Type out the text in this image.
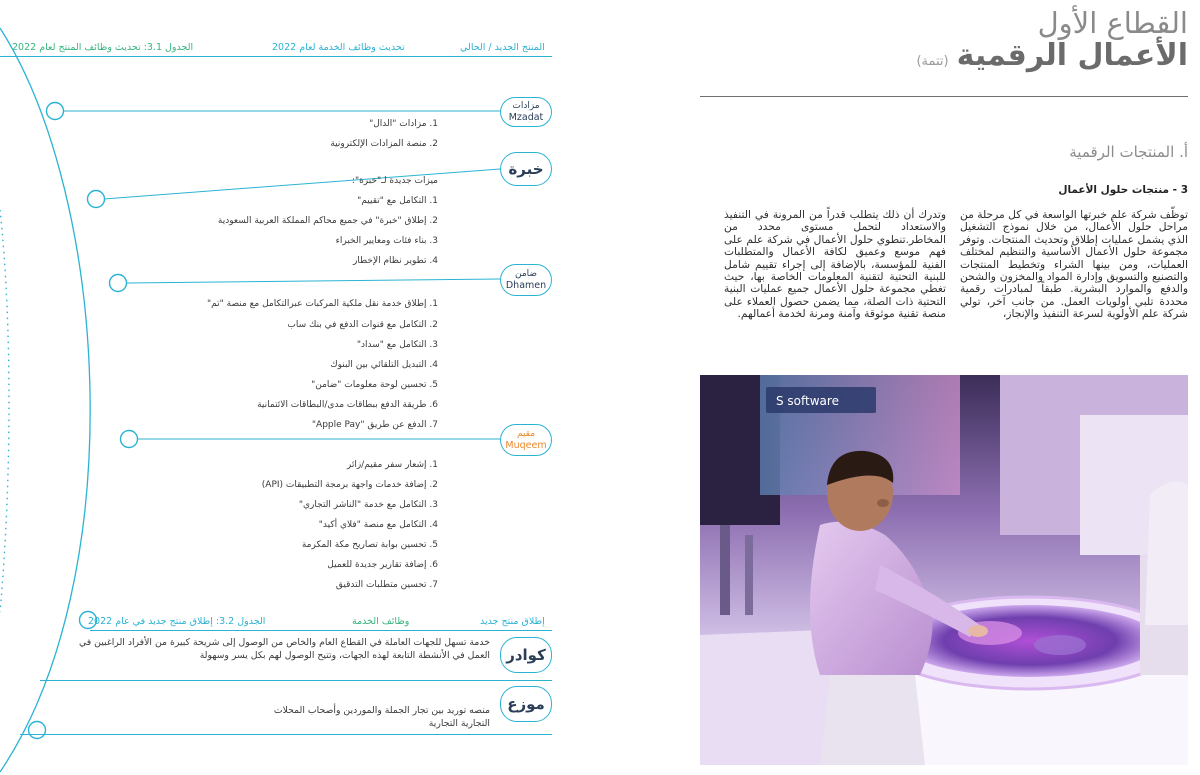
الجدول 3.1: تحديث وظائف المنتج لعام 2022	تحديث وظائف الخدمة لعام 2022	المنتج الجديد / الحالي
مزادات
Mzadat
1. مزادات "الدال"
2. منصة المزادات الإلكترونية
خبرة
ميزات جديدة لـ"خبرة":
1. التكامل مع "تقييم"
2. إطلاق "خبرة" في جميع محاكم المملكة العربية السعودية
3. بناء فئات ومعايير الخبراء
4. تطوير نظام الإخطار
ضامن
Dhamen
1. إطلاق خدمة نقل ملكية المركبات عبرالتكامل مع منصة "تم"
2. التكامل مع قنوات الدفع في بنك ساب
3. التكامل مع "سداد"
4. التبديل التلقائي بين البنوك
5. تحسين لوحة معلومات "ضامن"
6. طريقة الدفع ببطاقات مدى/البطاقات الائتمانية
7. الدفع عن طريق "Apple Pay"
مقيم
Muqeem
1. إشعار سفر مقيم/زائر
2. إضافة خدمات واجهة برمجة التطبيقات (API)
3. التكامل مع خدمة "الناشر التجاري"
4. التكامل مع منصة "فلاي أكيد"
5. تحسين بوابة تصاريح مكة المكرمة
6. إضافة تقارير جديدة للعميل
7. تحسين متطلبات التدقيق
الجدول 3.2: إطلاق منتج جديد في عام 2022	وظائف الخدمة	إطلاق منتج جديد
كوادر
خدمة تسهل للجهات العاملة في القطاع العام والخاص من الوصول إلى شريحة كبيرة من الأفراد الراغبين في العمل في الأنشطة التابعة لهذه الجهات، وتتيح الوصول لهم بكل يسر وسهولة
موزع
منصه توريد بين تجار الجملة والموردين وأصحاب المحلات التجارية التجارية
القطاع الأول
الأعمال الرقمية(تتمة)
أ. المنتجات الرقمية
3 - منتجات حلول الأعمال
توظّف شركة علم خبرتها الواسعة في كل مرحلة من مراحل حلول الأعمال، من خلال نموذج التشغيل الذي يشمل عمليات إطلاق وتحديث المنتجات. وتوفر مجموعة حلول الأعمال الأساسية والتنظيم لمختلف العمليات، ومن بينها الشراء وتخطيط المنتجات والتصنيع والتسويق وإدارة المواد والمخزون والشحن والدفع والموارد البشرية. طبقاً لمبادرات رقمية محددة تلبي أولويات العمل. من جانب آخر، تولي شركة علم الأولوية لسرعة التنفيذ والإنجاز،
وتدرك أن ذلك يتطلب قدراً من المرونة في التنفيذ والاستعداد لتحمل مستوى محدد من المخاطر.تنطوي حلول الأعمال في شركة علم على فهم موسع وعميق لكافة الأعمال والمتطلبات الفنية للمؤسسة، بالإضافة إلى إجراء تقييم شامل للبنية التحتية لتقنية المعلومات الخاصة بها، حيث تغطي مجموعة حلول الأعمال جميع عمليات البنية التحتية ذات الصلة، مما يضمن حصول العملاء على منصة تقنية موثوقة وآمنة ومرنة لخدمة أعمالهم.
S software
